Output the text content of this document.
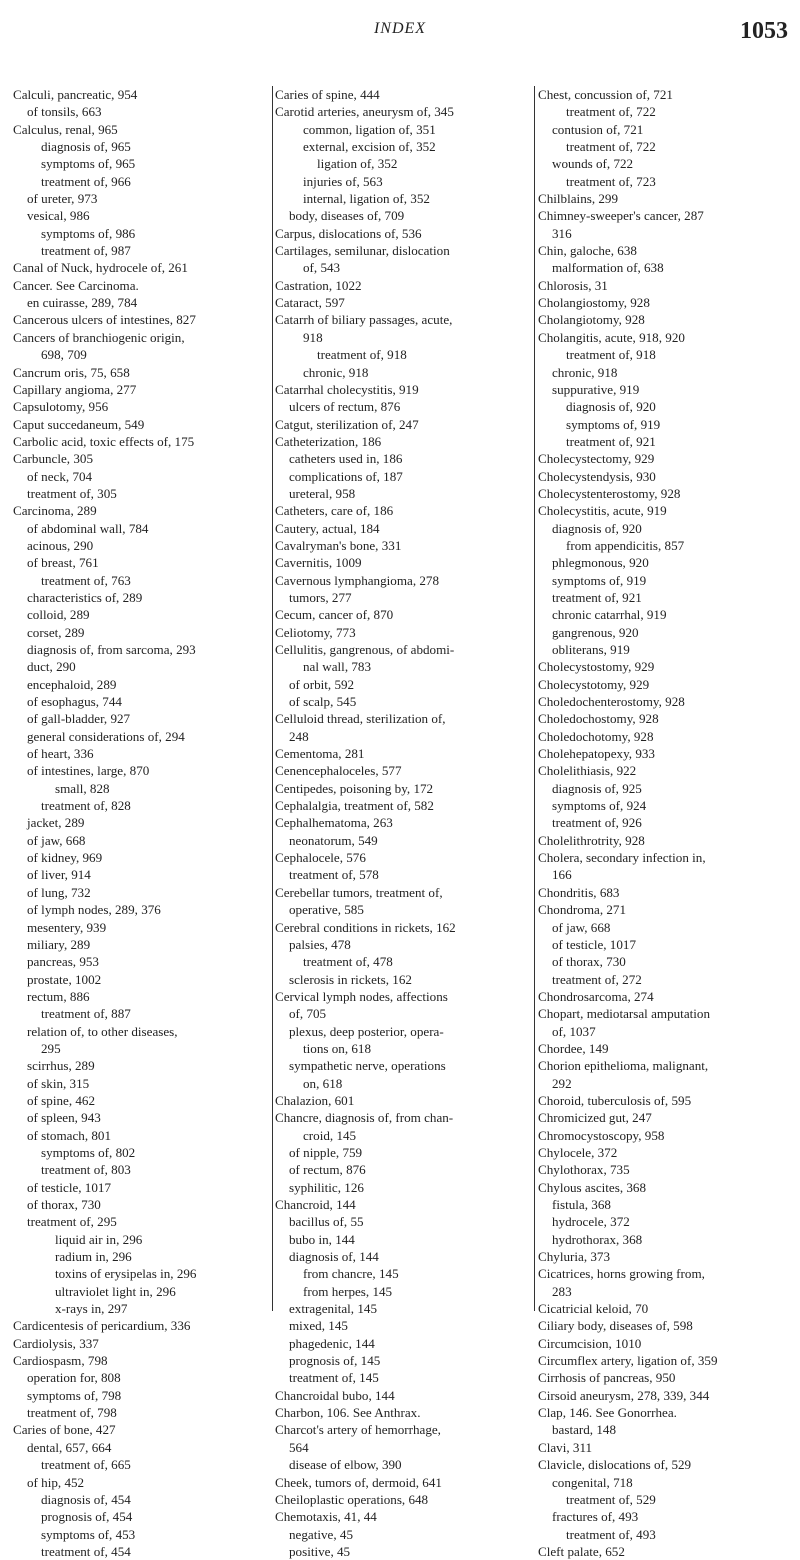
INDEX	1053
Calculi, pancreatic, 954
of tonsils, 663
Calculus, renal, 965
diagnosis of, 965
symptoms of, 965
treatment of, 966
of ureter, 973
vesical, 986
symptoms of, 986
treatment of, 987
Canal of Nuck, hydrocele of, 261
Cancer. See Carcinoma.
en cuirasse, 289, 784
Cancerous ulcers of intestines, 827
Cancers of branchiogenic origin,
698, 709
Cancrum oris, 75, 658
Capillary angioma, 277
Capsulotomy, 956
Caput succedaneum, 549
Carbolic acid, toxic effects of, 175
Carbuncle, 305
of neck, 704
treatment of, 305
Carcinoma, 289
of abdominal wall, 784
acinous, 290
of breast, 761
treatment of, 763
characteristics of, 289
colloid, 289
corset, 289
diagnosis of, from sarcoma, 293
duct, 290
encephaloid, 289
of esophagus, 744
of gall-bladder, 927
general considerations of, 294
of heart, 336
of intestines, large, 870
small, 828
treatment of, 828
jacket, 289
of jaw, 668
of kidney, 969
of liver, 914
of lung, 732
of lymph nodes, 289, 376
mesentery, 939
miliary, 289
pancreas, 953
prostate, 1002
rectum, 886
treatment of, 887
relation of, to other diseases,
295
scirrhus, 289
of skin, 315
of spine, 462
of spleen, 943
of stomach, 801
symptoms of, 802
treatment of, 803
of testicle, 1017
of thorax, 730
treatment of, 295
liquid air in, 296
radium in, 296
toxins of erysipelas in, 296
ultraviolet light in, 296
x-rays in, 297
Cardicentesis of pericardium, 336
Cardiolysis, 337
Cardiospasm, 798
operation for, 808
symptoms of, 798
treatment of, 798
Caries of bone, 427
dental, 657, 664
treatment of, 665
of hip, 452
diagnosis of, 454
prognosis of, 454
symptoms of, 453
treatment of, 454
Caries of spine, 444
Carotid arteries, aneurysm of, 345
common, ligation of, 351
external, excision of, 352
ligation of, 352
injuries of, 563
internal, ligation of, 352
body, diseases of, 709
Carpus, dislocations of, 536
Cartilages, semilunar, dislocation
of, 543
Castration, 1022
Cataract, 597
Catarrh of biliary passages, acute,
918
treatment of, 918
chronic, 918
Catarrhal cholecystitis, 919
ulcers of rectum, 876
Catgut, sterilization of, 247
Catheterization, 186
catheters used in, 186
complications of, 187
ureteral, 958
Catheters, care of, 186
Cautery, actual, 184
Cavalryman's bone, 331
Cavernitis, 1009
Cavernous lymphangioma, 278
tumors, 277
Cecum, cancer of, 870
Celiotomy, 773
Cellulitis, gangrenous, of abdomi-
nal wall, 783
of orbit, 592
of scalp, 545
Celluloid thread, sterilization of,
248
Cementoma, 281
Cenencephaloceles, 577
Centipedes, poisoning by, 172
Cephalalgia, treatment of, 582
Cephalhematoma, 263
neonatorum, 549
Cephalocele, 576
treatment of, 578
Cerebellar tumors, treatment of,
operative, 585
Cerebral conditions in rickets, 162
palsies, 478
treatment of, 478
sclerosis in rickets, 162
Cervical lymph nodes, affections
of, 705
plexus, deep posterior, opera-
tions on, 618
sympathetic nerve, operations
on, 618
Chalazion, 601
Chancre, diagnosis of, from chan-
croid, 145
of nipple, 759
of rectum, 876
syphilitic, 126
Chancroid, 144
bacillus of, 55
bubo in, 144
diagnosis of, 144
from chancre, 145
from herpes, 145
extragenital, 145
mixed, 145
phagedenic, 144
prognosis of, 145
treatment of, 145
Chancroidal bubo, 144
Charbon, 106. See Anthrax.
Charcot's artery of hemorrhage,
564
disease of elbow, 390
Cheek, tumors of, dermoid, 641
Cheiloplastic operations, 648
Chemotaxis, 41, 44
negative, 45
positive, 45
Chest, concussion of, 721
treatment of, 722
contusion of, 721
treatment of, 722
wounds of, 722
treatment of, 723
Chilblains, 299
Chimney-sweeper's cancer, 287
316
Chin, galoche, 638
malformation of, 638
Chlorosis, 31
Cholangiostomy, 928
Cholangiotomy, 928
Cholangitis, acute, 918, 920
treatment of, 918
chronic, 918
suppurative, 919
diagnosis of, 920
symptoms of, 919
treatment of, 921
Cholecystectomy, 929
Cholecystendysis, 930
Cholecystenterostomy, 928
Cholecystitis, acute, 919
diagnosis of, 920
from appendicitis, 857
phlegmonous, 920
symptoms of, 919
treatment of, 921
chronic catarrhal, 919
gangrenous, 920
obliterans, 919
Cholecystostomy, 929
Cholecystotomy, 929
Choledochenterostomy, 928
Choledochostomy, 928
Choledochotomy, 928
Cholehepatopexy, 933
Cholelithiasis, 922
diagnosis of, 925
symptoms of, 924
treatment of, 926
Cholelithrotrity, 928
Cholera, secondary infection in,
166
Chondritis, 683
Chondroma, 271
of jaw, 668
of testicle, 1017
of thorax, 730
treatment of, 272
Chondrosarcoma, 274
Chopart, mediotarsal amputation
of, 1037
Chordee, 149
Chorion epithelioma, malignant,
292
Choroid, tuberculosis of, 595
Chromicized gut, 247
Chromocystoscopy, 958
Chylocele, 372
Chylothorax, 735
Chylous ascites, 368
fistula, 368
hydrocele, 372
hydrothorax, 368
Chyluria, 373
Cicatrices, horns growing from,
283
Cicatricial keloid, 70
Ciliary body, diseases of, 598
Circumcision, 1010
Circumflex artery, ligation of, 359
Cirrhosis of pancreas, 950
Cirsoid aneurysm, 278, 339, 344
Clap, 146. See Gonorrhea.
bastard, 148
Clavi, 311
Clavicle, dislocations of, 529
congenital, 718
treatment of, 529
fractures of, 493
treatment of, 493
Cleft palate, 652
